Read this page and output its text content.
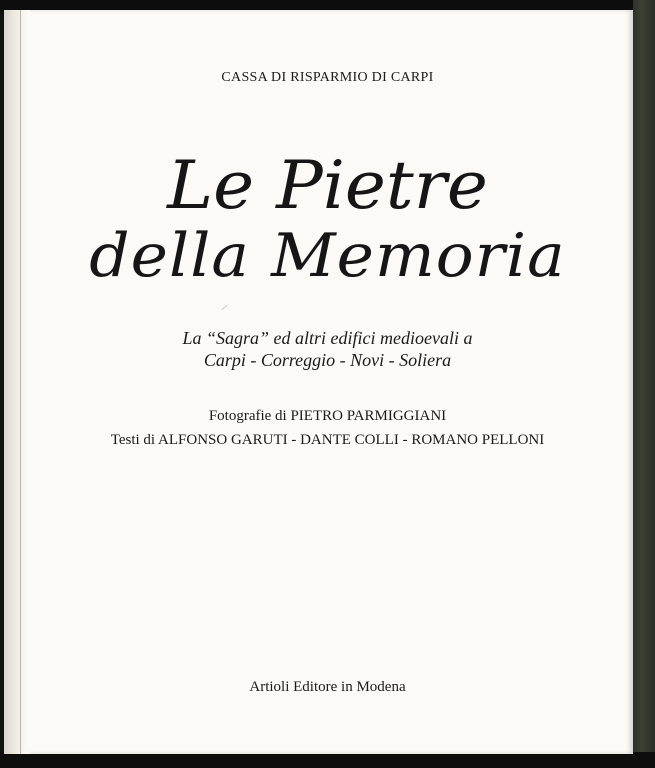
CASSA DI RISPARMIO DI CARPI
Le Pietre
della Memoria
La “Sagra” ed altri edifici medioevali a
Carpi - Correggio - Novi - Soliera
Fotografie di PIETRO PARMIGGIANI
Testi di ALFONSO GARUTI - DANTE COLLI - ROMANO PELLONI
Artioli Editore in Modena
